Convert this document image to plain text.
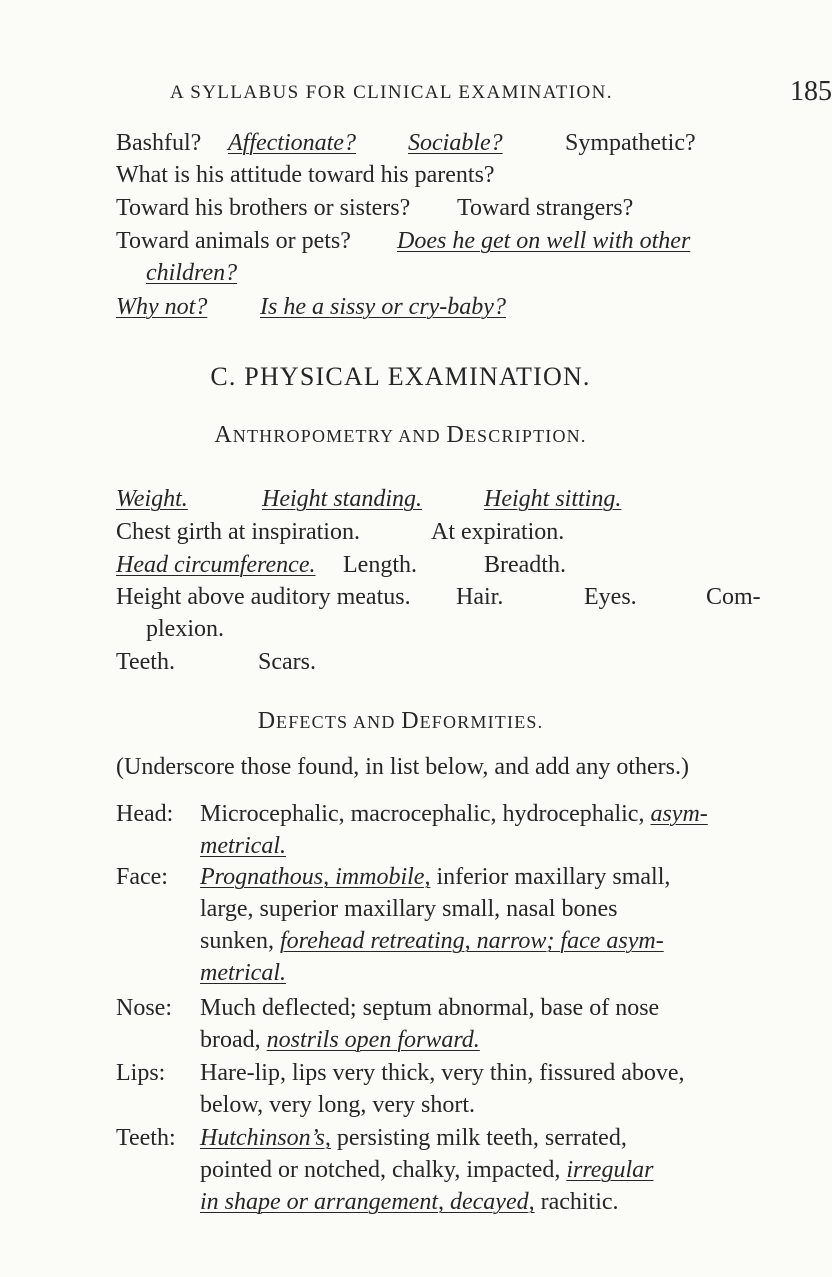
A SYLLABUS FOR CLINICAL EXAMINATION.	185
Bashful? Affectionate? Sociable?	Sympathetic?
What is his attitude toward his parents?
Toward his brothers or sisters? Toward strangers?
Toward animals or pets? Does he get on well with other
children?
Why not? Is he a sissy or cry-baby?
C. PHYSICAL EXAMINATION.
ANTHROPOMETRY AND DESCRIPTION.
Weight.	Height standing.	Height sitting.
Chest girth at inspiration.	At expiration.
Head circumference. Length.	Breadth.
Height above auditory meatus. Hair.	Eyes.	Com-
plexion.
Teeth.	Scars.
DEFECTS AND DEFORMITIES.
(Underscore those found, in list below, and add any others.)
Head: Microcephalic, macrocephalic, hydrocephalic, asym-
metrical.
Face: Prognathous, immobile, inferior maxillary small,
large, superior maxillary small, nasal bones
sunken, forehead retreating, narrow; face asym-
metrical.
Nose: Much deflected; septum abnormal, base of nose
broad, nostrils open forward.
Lips: Hare-lip, lips very thick, very thin, fissured above,
below, very long, very short.
Teeth: Hutchinson’s, persisting milk teeth, serrated,
pointed or notched, chalky, impacted, irregular
in shape or arrangement, decayed, rachitic.
